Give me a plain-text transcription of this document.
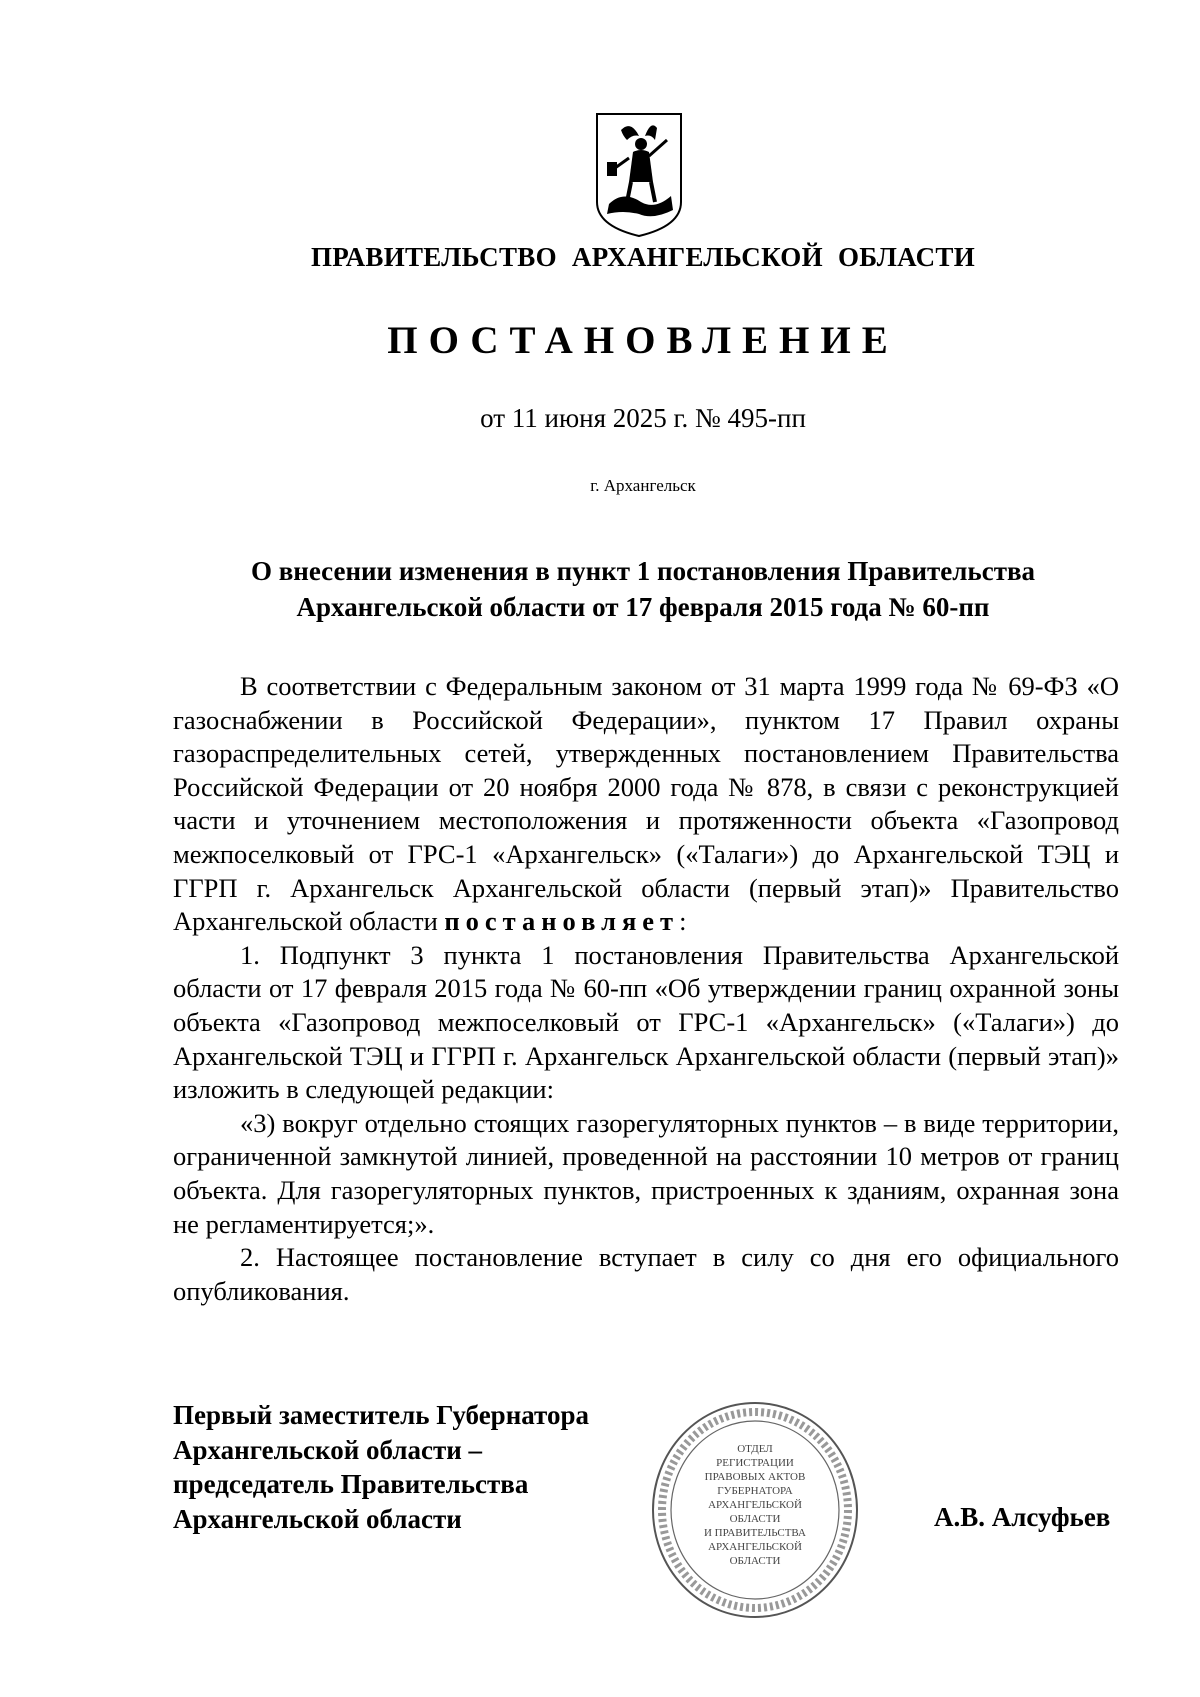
ПРАВИТЕЛЬСТВО АРХАНГЕЛЬСКОЙ ОБЛАСТИ
ПОСТАНОВЛЕНИЕ
от 11 июня 2025 г. № 495-пп
г. Архангельск
О внесении изменения в пункт 1 постановления Правительства
Архангельской области от 17 февраля 2015 года № 60-пп

В соответствии с Федеральным законом от 31 марта 1999 года № 69-ФЗ «О газоснабжении в Российской Федерации», пунктом 17 Правил охраны газораспределительных сетей, утвержденных постановлением Правительства Российской Федерации от 20 ноября 2000 года № 878, в связи с реконструкцией части и уточнением местоположения и протяженности объекта «Газопровод межпоселковый от ГРС-1 «Архангельск» («Талаги») до Архангельской ТЭЦ и ГГРП г. Архангельск Архангельской области (первый этап)» Правительство Архангельской области постановляет:

1. Подпункт 3 пункта 1 постановления Правительства Архангельской области от 17 февраля 2015 года № 60-пп «Об утверждении границ охранной зоны объекта «Газопровод межпоселковый от ГРС-1 «Архангельск» («Талаги») до Архангельской ТЭЦ и ГГРП г. Архангельск Архангельской области (первый этап)» изложить в следующей редакции:

«3) вокруг отдельно стоящих газорегуляторных пунктов – в виде территории, ограниченной замкнутой линией, проведенной на расстоянии 10 метров от границ объекта. Для газорегуляторных пунктов, пристроенных к зданиям, охранная зона не регламентируется;».

2. Настоящее постановление вступает в силу со дня его официального опубликования.

Первый заместитель Губернатора
Архангельской области –
председатель Правительства
Архангельской области
ОТДЕЛ
РЕГИСТРАЦИИ
ПРАВОВЫХ АКТОВ
ГУБЕРНАТОРА
АРХАНГЕЛЬСКОЙ
ОБЛАСТИ
И ПРАВИТЕЛЬСТВА
АРХАНГЕЛЬСКОЙ
ОБЛАСТИ
А.В. Алсуфьев
